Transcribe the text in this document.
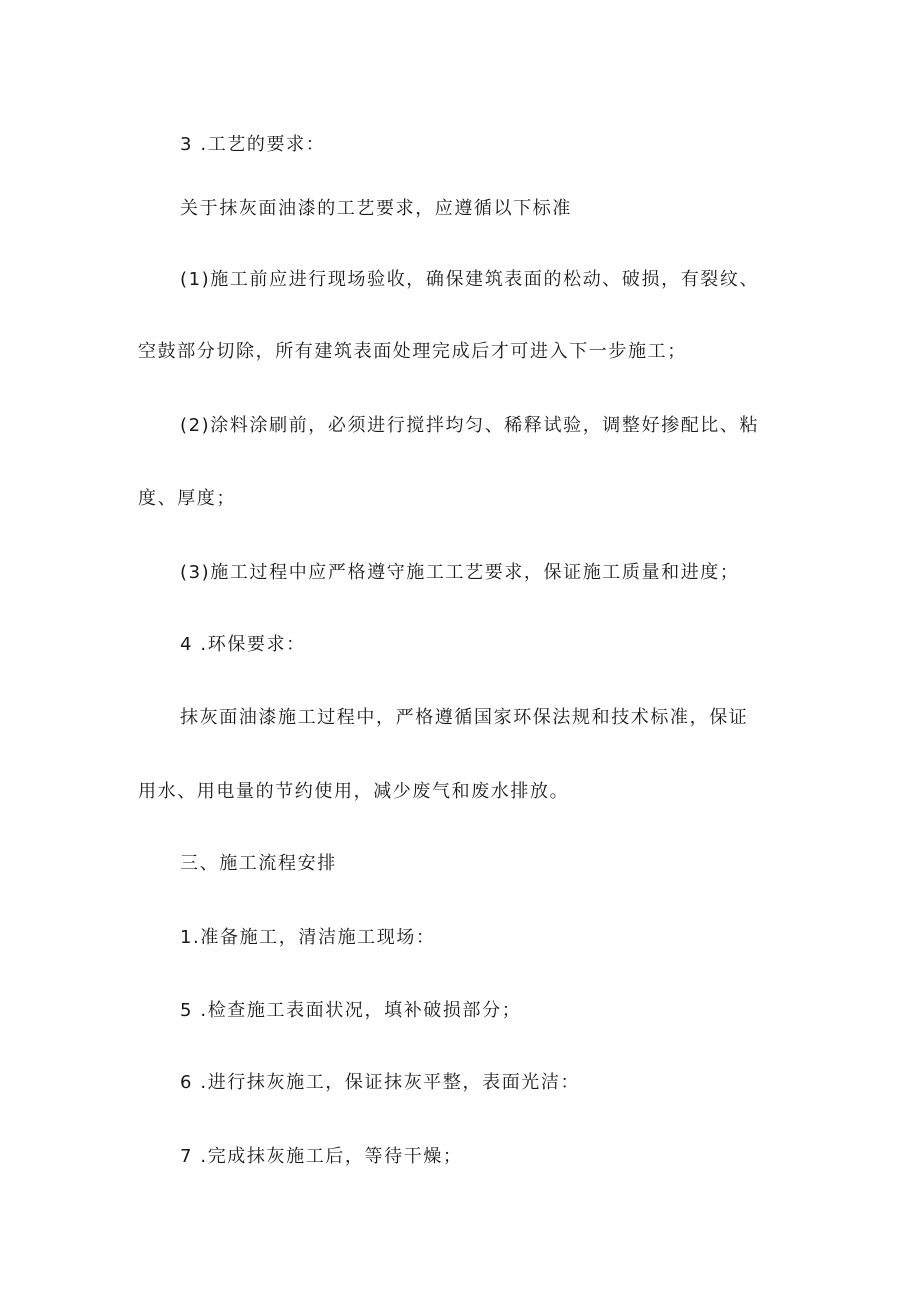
3 .工艺的要求：
关于抹灰面油漆的工艺要求，应遵循以下标准
(1)施工前应进行现场验收，确保建筑表面的松动、破损，有裂纹、
空鼓部分切除，所有建筑表面处理完成后才可进入下一步施工；
(2)涂料涂刷前，必须进行搅拌均匀、稀释试验，调整好掺配比、粘
度、厚度；
(3)施工过程中应严格遵守施工工艺要求，保证施工质量和进度；
4 .环保要求：
抹灰面油漆施工过程中，严格遵循国家环保法规和技术标准，保证
用水、用电量的节约使用，减少废气和废水排放。
三、施工流程安排
1.准备施工，清洁施工现场：
5 .检查施工表面状况，填补破损部分；
6 .进行抹灰施工，保证抹灰平整，表面光洁：
7 .完成抹灰施工后，等待干燥；
